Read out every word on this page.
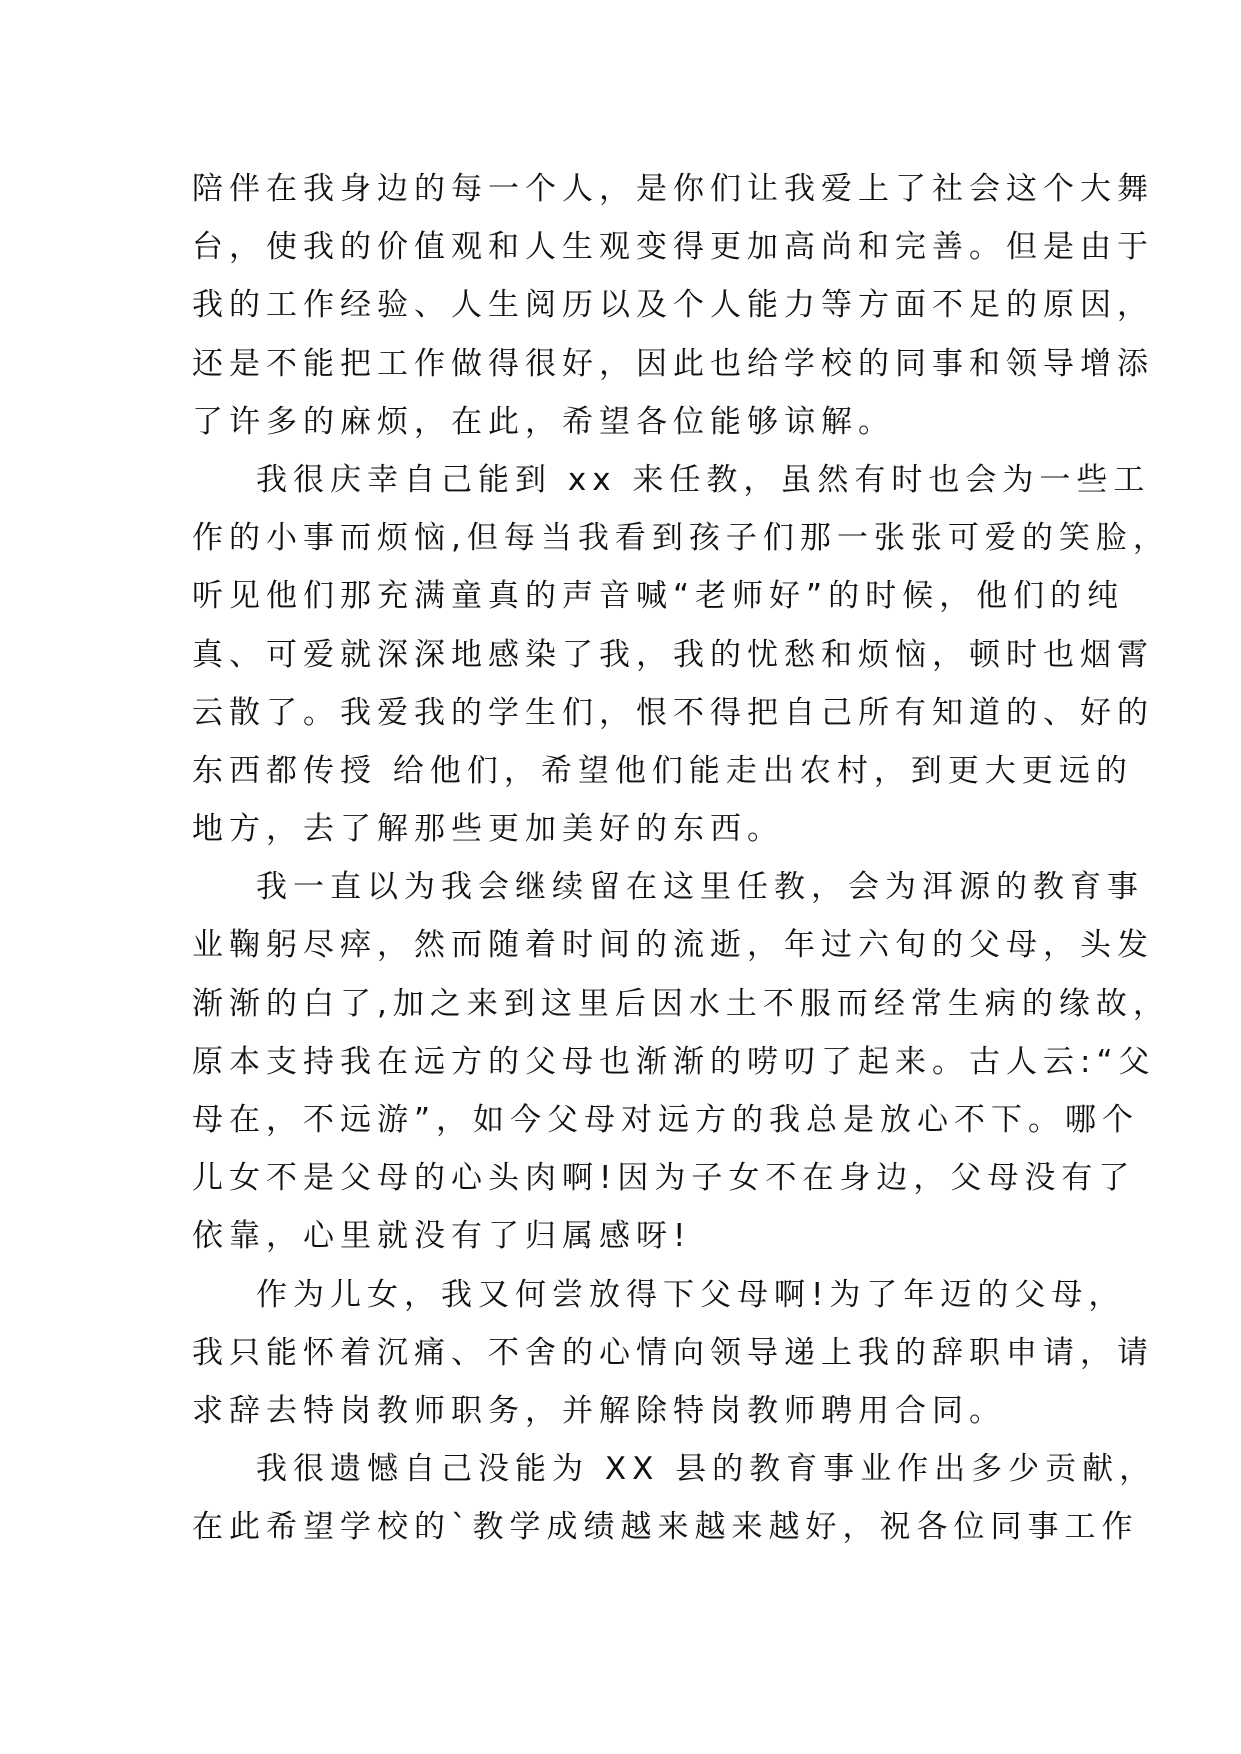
陪伴在我身边的每一个人，是你们让我爱上了社会这个大舞
台，使我的价值观和人生观变得更加高尚和完善。但是由于
我的工作经验、人生阅历以及个人能力等方面不足的原因，
还是不能把工作做得很好，因此也给学校的同事和领导增添
了许多的麻烦，在此，希望各位能够谅解。
我很庆幸自己能到 xx 来任教，虽然有时也会为一些工
作的小事而烦恼,但每当我看到孩子们那一张张可爱的笑脸，
听见他们那充满童真的声音喊“老师好”的时候，他们的纯
真、可爱就深深地感染了我，我的忧愁和烦恼，顿时也烟霄
云散了。我爱我的学生们，恨不得把自己所有知道的、好的
东西都传授 给他们，希望他们能走出农村，到更大更远的
地方，去了解那些更加美好的东西。
我一直以为我会继续留在这里任教，会为洱源的教育事
业鞠躬尽瘁，然而随着时间的流逝，年过六旬的父母，头发
渐渐的白了,加之来到这里后因水土不服而经常生病的缘故，
原本支持我在远方的父母也渐渐的唠叨了起来。古人云:“父
母在，不远游”，如今父母对远方的我总是放心不下。哪个
儿女不是父母的心头肉啊!因为子女不在身边，父母没有了
依靠，心里就没有了归属感呀!
作为儿女，我又何尝放得下父母啊!为了年迈的父母，
我只能怀着沉痛、不舍的心情向领导递上我的辞职申请，请
求辞去特岗教师职务，并解除特岗教师聘用合同。
我很遗憾自己没能为 XX 县的教育事业作出多少贡献，
在此希望学校的`教学成绩越来越来越好，祝各位同事工作
